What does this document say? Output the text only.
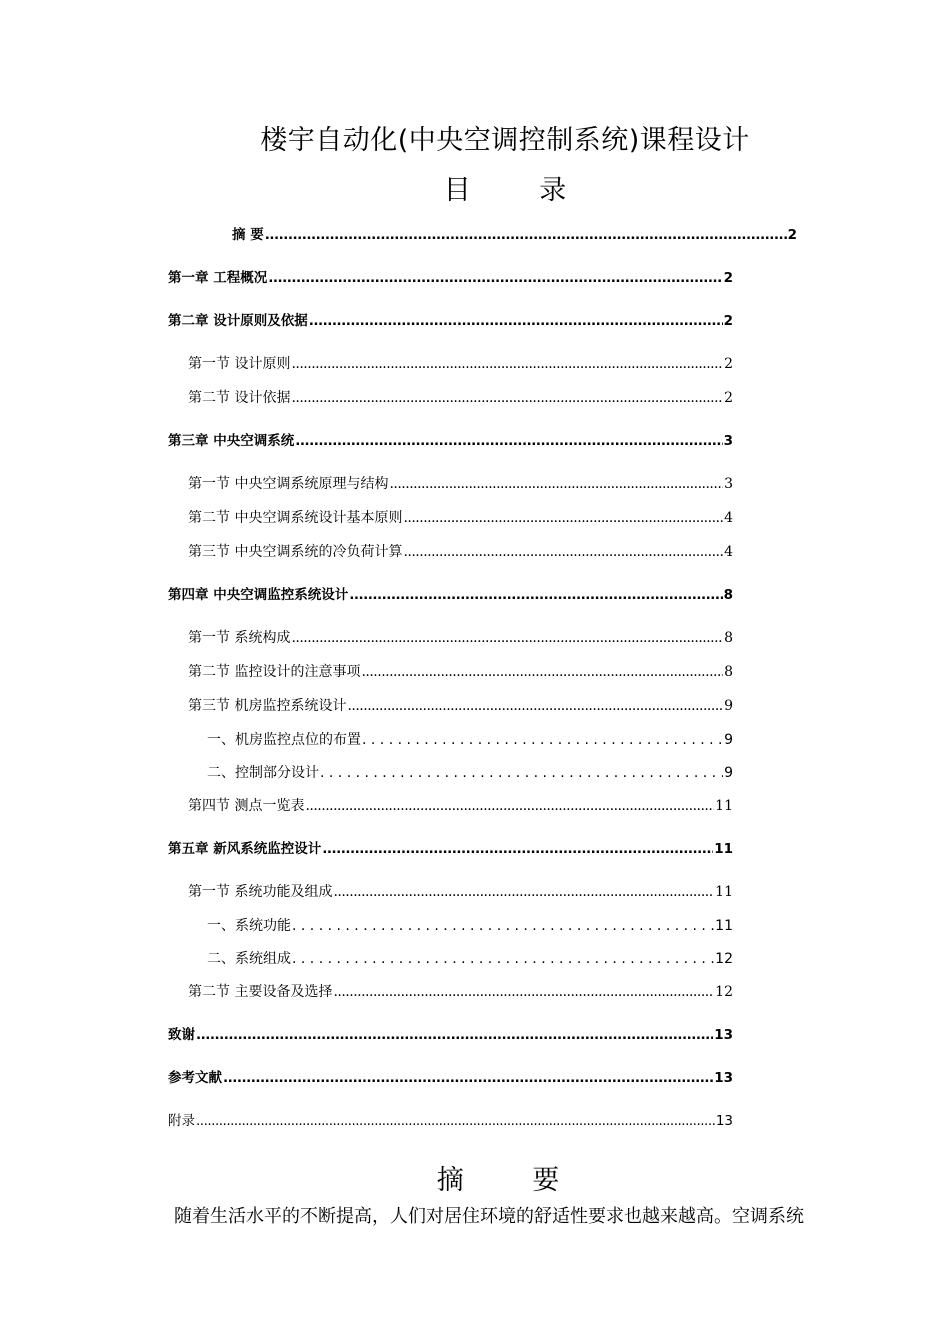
楼宇自动化(中央空调控制系统)课程设计
目 录
摘 要 .....	2
第一章 工程概况 .....	2
第二章 设计原则及依据 .....	2
第一节 设计原则 .....	2
第二节 设计依据 .....	2
第三章 中央空调系统 .....	3
第一节 中央空调系统原理与结构 .....	3
第二节 中央空调系统设计基本原则 .....	4
第三节 中央空调系统的冷负荷计算 .....	4
第四章 中央空调监控系统设计 .....	8
第一节 系统构成 .....	8
第二节 监控设计的注意事项 .....	8
第三节 机房监控系统设计 .....	9
一、机房监控点位的布置 . . .	9
二、控制部分设计 . . .	9
第四节 测点一览表 .....	11
第五章 新风系统监控设计 .....	11
第一节 系统功能及组成 .....	11
一、系统功能 . . .	11
二、系统组成 . . .	12
第二节 主要设备及选择 .....	12
致谢 .....	13
参考文献 .....	13
附录 .....	13
摘 要
随着生活水平的不断提高，人们对居住环境的舒适性要求也越来越高。空调系统
